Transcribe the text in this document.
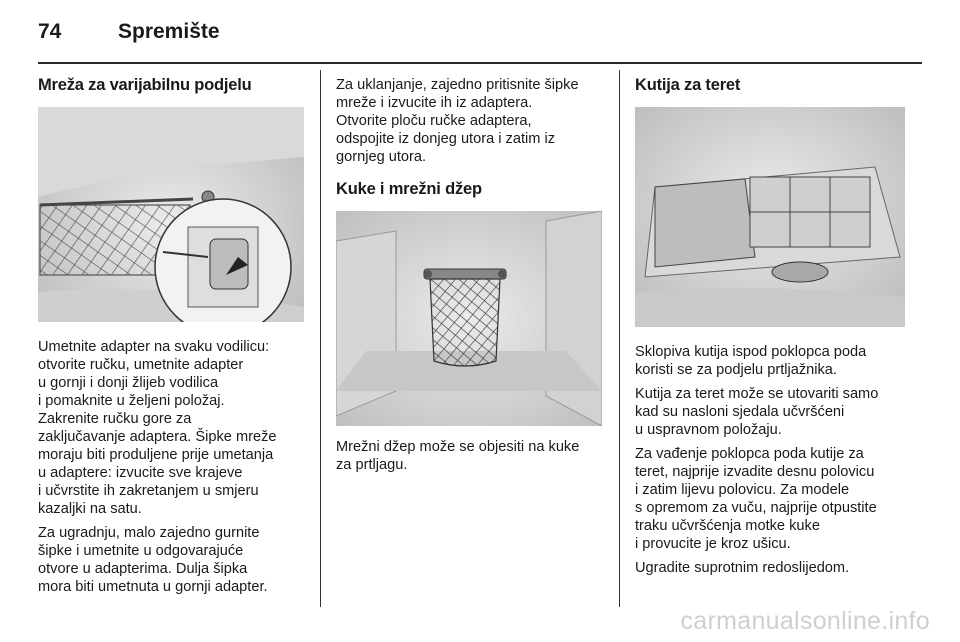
74	Spremište
Mreža za varijabilnu podjelu

Umetnite adapter na svaku vodilicu:
otvorite ručku, umetnite adapter
u gornji i donji žlijeb vodilica
i pomaknite u željeni položaj.
Zakrenite ručku gore za
zaključavanje adaptera. Šipke mreže
moraju biti produljene prije umetanja
u adaptere: izvucite sve krajeve
i učvrstite ih zakretanjem u smjeru
kazaljki na satu.

Za ugradnju, malo zajedno gurnite
šipke i umetnite u odgovarajuće
otvore u adapterima. Dulja šipka
mora biti umetnuta u gornji adapter.

Za uklanjanje, zajedno pritisnite šipke
mreže i izvucite ih iz adaptera.
Otvorite ploču ručke adaptera,
odspojite iz donjeg utora i zatim iz
gornjeg utora.

Kuke i mrežni džep

Mrežni džep može se objesiti na kuke
za prtljagu.

Kutija za teret

Sklopiva kutija ispod poklopca poda
koristi se za podjelu prtljažnika.

Kutija za teret može se utovariti samo
kad su nasloni sjedala učvršćeni
u uspravnom položaju.

Za vađenje poklopca poda kutije za
teret, najprije izvadite desnu polovicu
i zatim lijevu polovicu. Za modele
s opremom za vuču, najprije otpustite
traku učvršćenja motke kuke
i provucite je kroz ušicu.

Ugradite suprotnim redoslijedom.

carmanualsonline.info
